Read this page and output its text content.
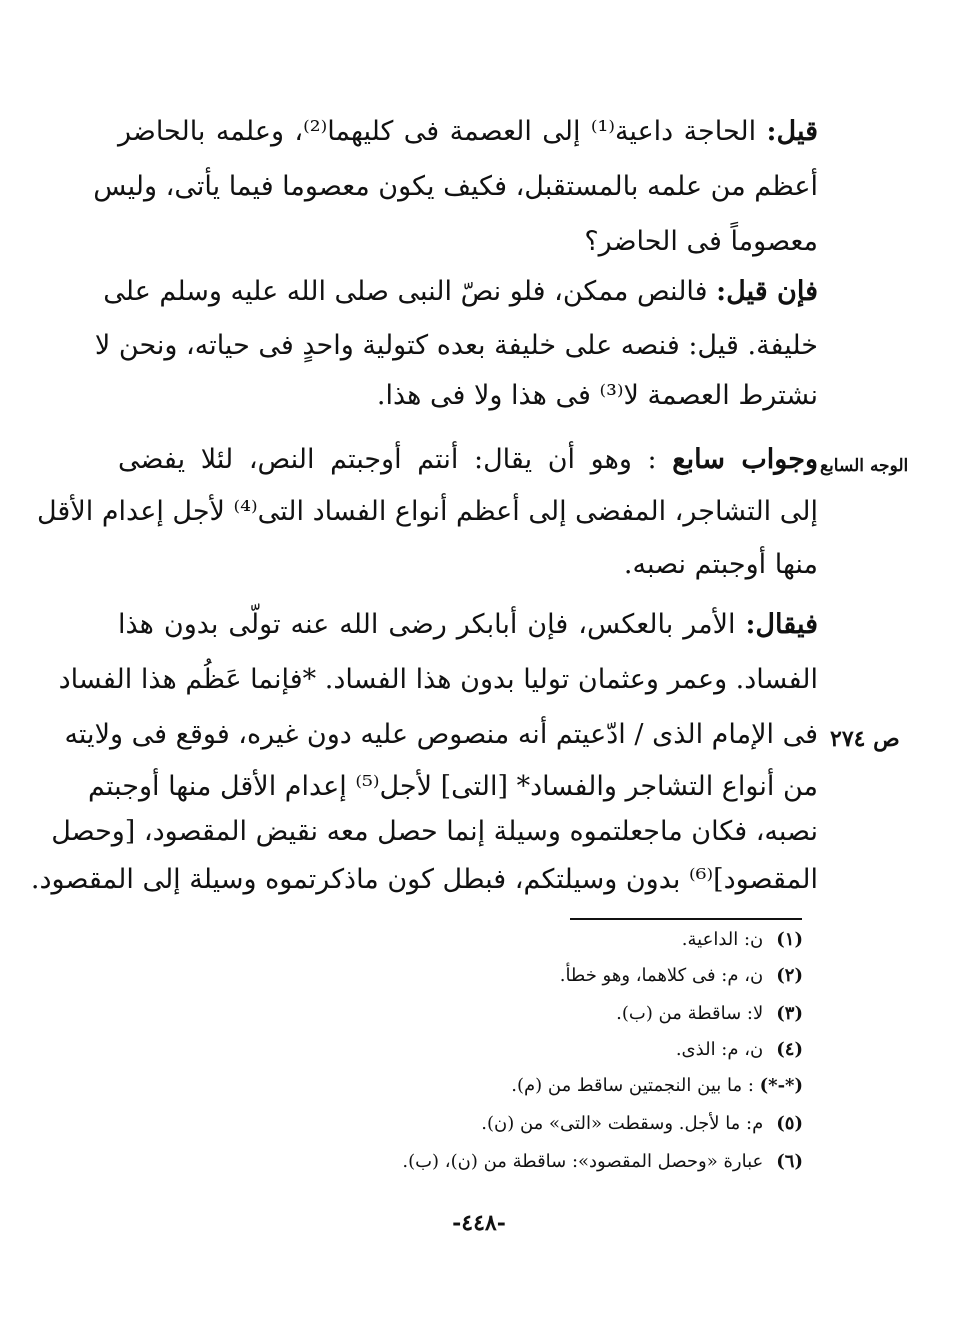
قيل: الحاجة داعية⁽¹⁾ إلى العصمة فى كليهما⁽²⁾، وعلمه بالحاضر
أعظم من علمه بالمستقبل، فكيف يكون معصوما فيما يأتى، وليس
معصوماً فى الحاضر؟
فإن قيل: فالنص ممكن، فلو نصّ النبى صلى الله عليه وسلم على
خليفة. قيل: فنصه على خليفة بعده كتولية واحدٍ فى حياته، ونحن لا
نشترط العصمة لا⁽³⁾ فى هذا ولا فى هذا.
الوجه السابع
وجواب سابع : وهو أن يقال: أنتم أوجبتم النص، لئلا يفضى
إلى التشاجر، المفضى إلى أعظم أنواع الفساد التى⁽⁴⁾ لأجل إعدام الأقل
منها أوجبتم نصبه.
ص ٢٧٤
فيقال: الأمر بالعكس، فإن أبابكر رضى الله عنه تولّى بدون هذا
الفساد. وعمر وعثمان توليا بدون هذا الفساد. *فإنما عَظُم هذا الفساد
فى الإمام الذى / ادّعيتم أنه منصوص عليه دون غيره، فوقع فى ولايته
من أنواع التشاجر والفساد* [التى] لأجل⁽⁵⁾ إعدام الأقل منها أوجبتم
نصبه، فكان ماجعلتموه وسيلة إنما حصل معه نقيض المقصود، [وحصل
المقصود]⁽⁶⁾ بدون وسيلتكم، فبطل كون ماذكرتموه وسيلة إلى المقصود.
(١) ن: الداعية.
(٢) ن، م: فى كلاهما، وهو خطأ.
(٣) لا: ساقطة من (ب).
(٤) ن، م: الذى.
(*-*) : ما بين النجمتين ساقط من (م).
(٥) م: ما لأجل. وسقطت «التى» من (ن).
(٦) عبارة «وحصل المقصود»: ساقطة من (ن)، (ب).
-٤٤٨-
